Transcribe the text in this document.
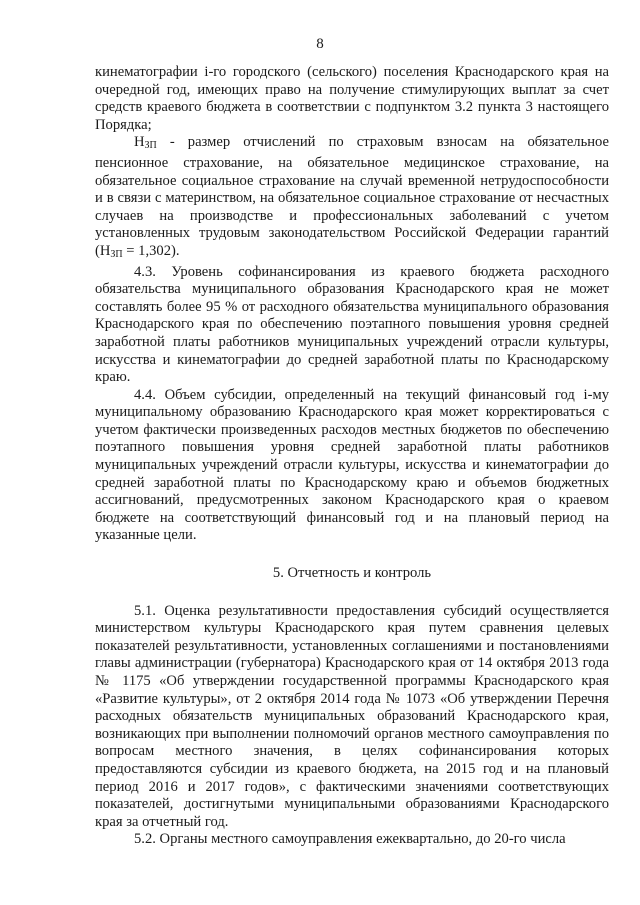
8

кинематографии i-го городского (сельского) поселения Краснодарского края на очередной год, имеющих право на получение стимулирующих выплат за счет средств краевого бюджета в соответствии с подпунктом 3.2 пункта 3 настоящего Порядка;

$Н_{ЗП}$ - размер отчислений по страховым взносам на обязательное пенсионное страхование, на обязательное медицинское страхование, на обязательное социальное страхование на случай временной нетрудоспособности и в связи с материнством, на обязательное социальное страхование от несчастных случаев на производстве и профессиональных заболеваний с учетом установленных трудовым законодательством Российской Федерации гарантий $(Н_{ЗП} = 1,302)$.

4.3. Уровень софинансирования из краевого бюджета расходного обязательства муниципального образования Краснодарского края не может составлять более 95 % от расходного обязательства муниципального образования Краснодарского края по обеспечению поэтапного повышения уровня средней заработной платы работников муниципальных учреждений отрасли культуры, искусства и кинематографии до средней заработной платы по Краснодарскому краю.

4.4. Объем субсидии, определенный на текущий финансовый год i-му муниципальному образованию Краснодарского края может корректироваться с учетом фактически произведенных расходов местных бюджетов по обеспечению поэтапного повышения уровня средней заработной платы работников муниципальных учреждений отрасли культуры, искусства и кинематографии до средней заработной платы по Краснодарскому краю и объемов бюджетных ассигнований, предусмотренных законом Краснодарского края о краевом бюджете на соответствующий финансовый год и на плановый период на указанные цели.

5. Отчетность и контроль

5.1. Оценка результативности предоставления субсидий осуществляется министерством культуры Краснодарского края путем сравнения целевых показателей результативности, установленных соглашениями и постановлениями главы администрации (губернатора) Краснодарского края от 14 октября 2013 года № 1175 «Об утверждении государственной программы Краснодарского края «Развитие культуры», от 2 октября 2014 года № 1073 «Об утверждении Перечня расходных обязательств муниципальных образований Краснодарского края, возникающих при выполнении полномочий органов местного самоуправления по вопросам местного значения, в целях софинансирования которых предоставляются субсидии из краевого бюджета, на 2015 год и на плановый период 2016 и 2017 годов», с фактическими значениями соответствующих показателей, достигнутыми муниципальными образованиями Краснодарского края за отчетный год.

5.2. Органы местного самоуправления ежеквартально, до 20-го числа
